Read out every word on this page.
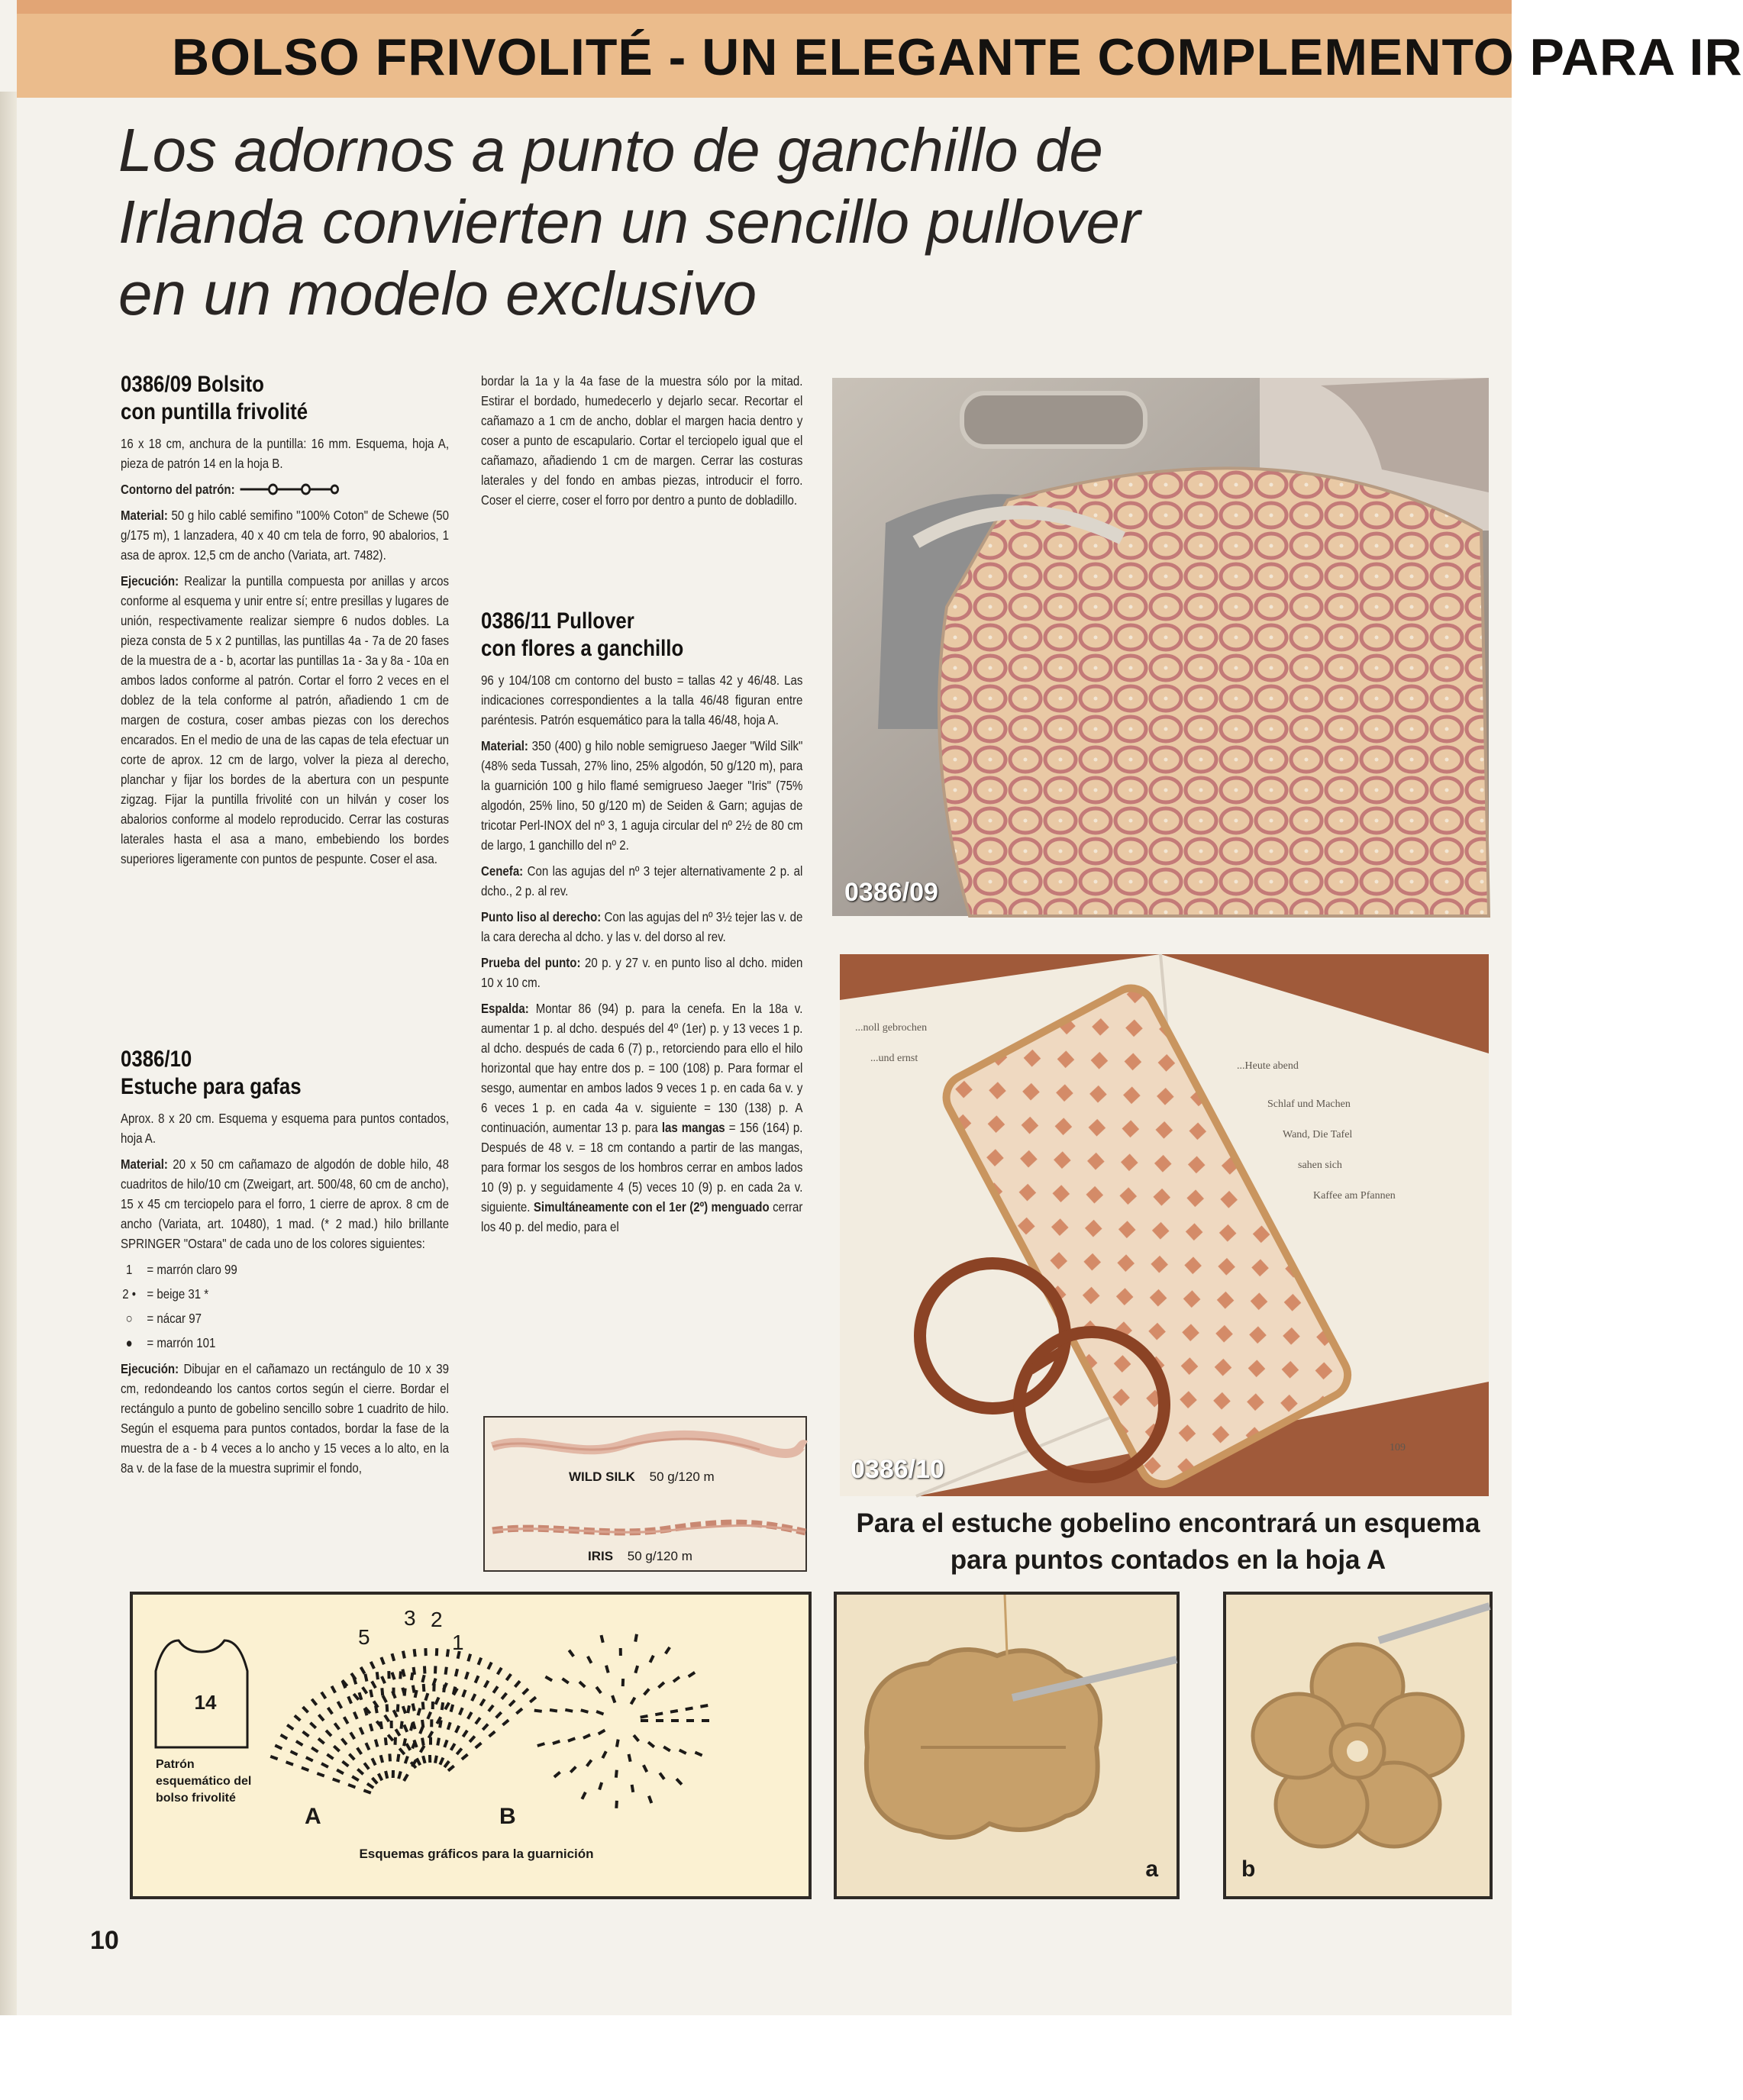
BOLSO FRIVOLITÉ - UN ELEGANTE COMPLEMENTO PARA IR
Los adornos a punto de ganchillo de Irlanda convierten un sencillo pullover en un modelo exclusivo
0386/09 Bolsito
con puntilla frivolité

16 x 18 cm, anchura de la puntilla: 16 mm. Esquema, hoja A, pieza de patrón 14 en la hoja B.

Contorno del patrón:

Material: 50 g hilo cablé semifino "100% Coton" de Schewe (50 g/175 m), 1 lanzadera, 40 x 40 cm tela de forro, 90 abalorios, 1 asa de aprox. 12,5 cm de ancho (Variata, art. 7482).

Ejecución: Realizar la puntilla compuesta por anillas y arcos conforme al esquema y unir entre sí; entre presillas y lugares de unión, respectivamente realizar siempre 6 nudos dobles. La pieza consta de 5 x 2 puntillas, las puntillas 4a - 7a de 20 fases de la muestra de a - b, acortar las puntillas 1a - 3a y 8a - 10a en ambos lados conforme al patrón. Cortar el forro 2 veces en el doblez de la tela conforme al patrón, añadiendo 1 cm de margen de costura, coser ambas piezas con los derechos encarados. En el medio de una de las capas de tela efectuar un corte de aprox. 12 cm de largo, volver la pieza al derecho, planchar y fijar los bordes de la abertura con un pespunte zigzag. Fijar la puntilla frivolité con un hilván y coser los abalorios conforme al modelo reproducido. Cerrar las costuras laterales hasta el asa a mano, embebiendo los bordes superiores ligeramente con puntos de pespunte. Coser el asa.

0386/10
Estuche para gafas

Aprox. 8 x 20 cm. Esquema y esquema para puntos contados, hoja A.

Material: 20 x 50 cm cañamazo de algodón de doble hilo, 48 cuadritos de hilo/10 cm (Zweigart, art. 500/48, 60 cm de ancho), 15 x 45 cm terciopelo para el forro, 1 cierre de aprox. 8 cm de ancho (Variata, art. 10480), 1 mad. (* 2 mad.) hilo brillante SPRINGER "Ostara" de cada uno de los colores siguientes:

1	= marrón claro 99
2 • = beige 31 *
○	= nácar 97
●	= marrón 101

Ejecución: Dibujar en el cañamazo un rectángulo de 10 x 39 cm, redondeando los cantos cortos según el cierre. Bordar el rectángulo a punto de gobelino sencillo sobre 1 cuadrito de hilo. Según el esquema para puntos contados, bordar la fase de la muestra de a - b 4 veces a lo ancho y 15 veces a lo alto, en la 8a v. de la fase de la muestra suprimir el fondo,

bordar la 1a y la 4a fase de la muestra sólo por la mitad. Estirar el bordado, humedecerlo y dejarlo secar. Recortar el cañamazo a 1 cm de ancho, doblar el margen hacia dentro y coser a punto de escapulario. Cortar el terciopelo igual que el cañamazo, añadiendo 1 cm de margen. Cerrar las costuras laterales y del fondo en ambas piezas, introducir el forro. Coser el cierre, coser el forro por dentro a punto de dobladillo.

0386/11 Pullover
con flores a ganchillo

96 y 104/108 cm contorno del busto = tallas 42 y 46/48. Las indicaciones correspondientes a la talla 46/48 figuran entre paréntesis. Patrón esquemático para la talla 46/48, hoja A.

Material: 350 (400) g hilo noble semigrueso Jaeger "Wild Silk" (48% seda Tussah, 27% lino, 25% algodón, 50 g/120 m), para la guarnición 100 g hilo flamé semigrueso Jaeger "Iris" (75% algodón, 25% lino, 50 g/120 m) de Seiden & Garn; agujas de tricotar Perl-INOX del nº 3, 1 aguja circular del nº 2½ de 80 cm de largo, 1 ganchillo del nº 2.

Cenefa: Con las agujas del nº 3 tejer alternativamente 2 p. al dcho., 2 p. al rev.

Punto liso al derecho: Con las agujas del nº 3½ tejer las v. de la cara derecha al dcho. y las v. del dorso al rev.

Prueba del punto: 20 p. y 27 v. en punto liso al dcho. miden 10 x 10 cm.

Espalda: Montar 86 (94) p. para la cenefa. En la 18a v. aumentar 1 p. al dcho. después del 4º (1er) p. y 13 veces 1 p. al dcho. después de cada 6 (7) p., retorciendo para ello el hilo horizontal que hay entre dos p. = 100 (108) p. Para formar el sesgo, aumentar en ambos lados 9 veces 1 p. en cada 6a v. y 6 veces 1 p. en cada 4a v. siguiente = 130 (138) p. A continuación, aumentar 13 p. para las mangas = 156 (164) p. Después de 48 v. = 18 cm contando a partir de las mangas, para formar los sesgos de los hombros cerrar en ambos lados 10 (9) p. y seguidamente 4 (5) veces 10 (9) p. en cada 2a v. siguiente. Simultáneamente con el 1er (2º) menguado cerrar los 40 p. del medio, para el

WILD SILK 50 g/120 m
IRIS 50 g/120 m
0386/09
...noll gebrochen
...und ernst
...Heute abend
Schlaf und Machen
Wand, Die Tafel
sahen sich
Kaffee am Pfannen
109
0386/10
Para el estuche gobelino encontrará un esquema para puntos contados en la hoja A
14
3 2
5	1
A	B
Patrón esquemático del bolso frivolité
Esquemas gráficos para la guarnición
a	b
10
